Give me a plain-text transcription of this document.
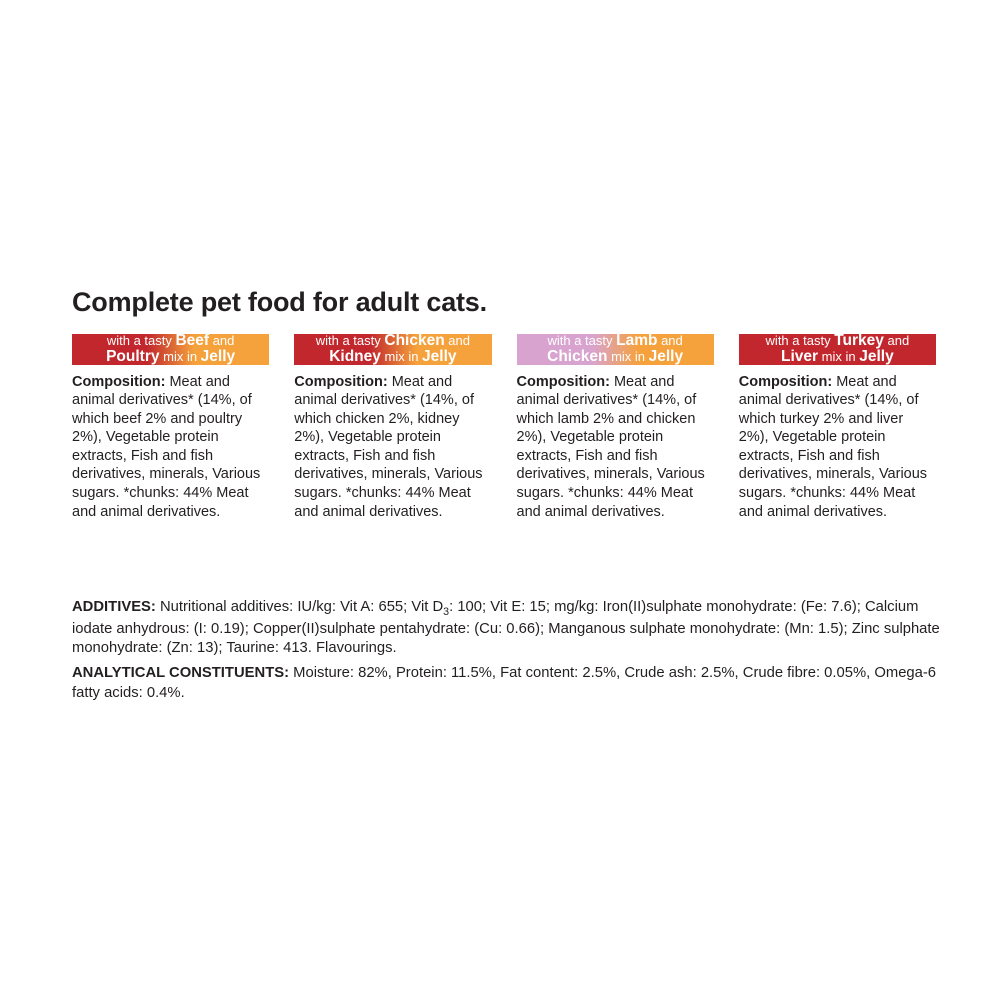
Complete pet food for adult cats.
with a tasty Beef and
Poultry mix in Jelly
Composition: Meat and animal derivatives* (14%, of which beef 2% and poultry 2%), Vegetable protein extracts, Fish and fish derivatives, minerals, Various sugars. *chunks: 44% Meat and animal derivatives.
with a tasty Chicken and
Kidney mix in Jelly
Composition: Meat and animal derivatives* (14%, of which chicken 2%, kidney 2%), Vegetable protein extracts, Fish and fish derivatives, minerals, Various sugars. *chunks: 44% Meat and animal derivatives.
with a tasty Lamb and
Chicken mix in Jelly
Composition: Meat and animal derivatives* (14%, of which lamb 2% and chicken 2%), Vegetable protein extracts, Fish and fish derivatives, minerals, Various sugars. *chunks: 44% Meat and animal derivatives.
with a tasty Turkey and
Liver mix in Jelly
Composition: Meat and animal derivatives* (14%, of which turkey 2% and liver 2%), Vegetable protein extracts, Fish and fish derivatives, minerals, Various sugars. *chunks: 44% Meat and animal derivatives.

ADDITIVES: Nutritional additives: IU/kg: Vit A: 655; Vit $D_3$: 100; Vit E: 15; mg/kg: Iron(II)sulphate monohydrate: (Fe: 7.6); Calcium iodate anhydrous: (I: 0.19); Copper(II)sulphate pentahydrate: (Cu: 0.66); Manganous sulphate monohydrate: (Mn: 1.5); Zinc sulphate monohydrate: (Zn: 13); Taurine: 413. Flavourings.

ANALYTICAL CONSTITUENTS: Moisture: 82%, Protein: 11.5%, Fat content: 2.5%, Crude ash: 2.5%, Crude fibre: 0.05%, Omega-6 fatty acids: 0.4%.
